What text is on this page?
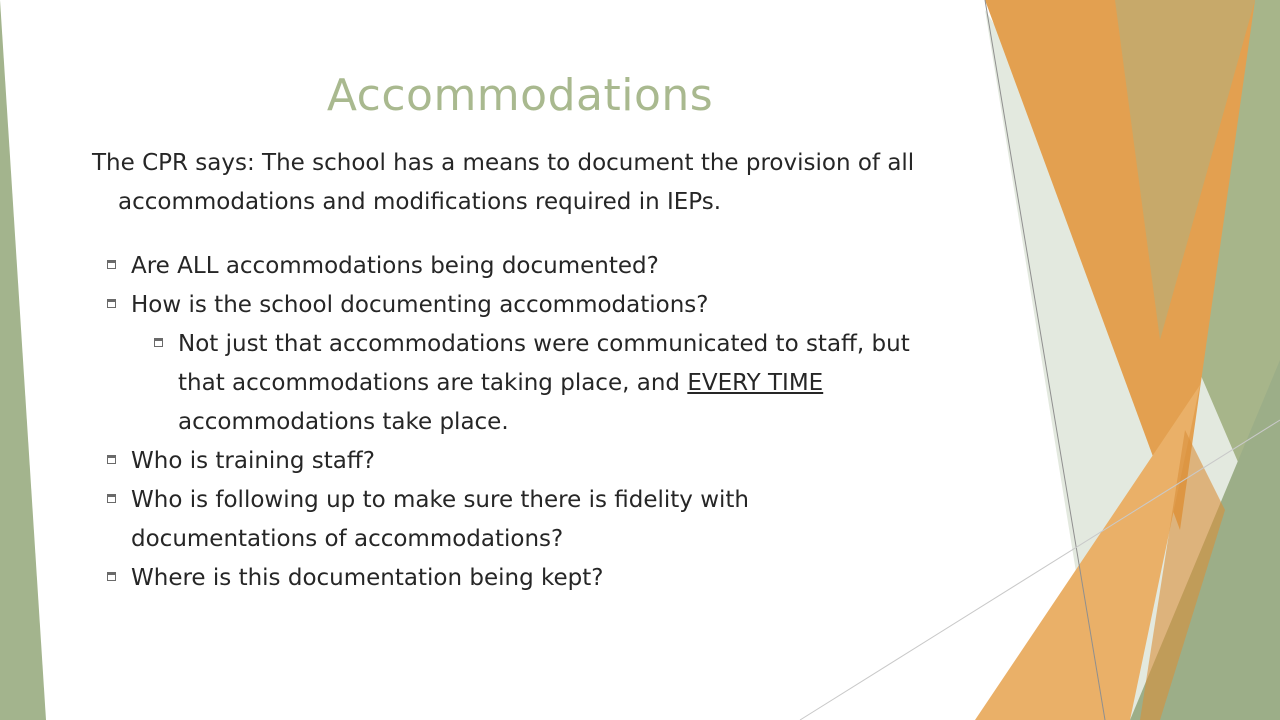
Accommodations

The CPR says: The school has a means to document the provision of all accommodations and modifications required in IEPs.

Are ALL accommodations being documented?
How is the school documenting accommodations?
Not just that accommodations were communicated to staff, but that accommodations are taking place, and EVERY TIME accommodations take place.
Who is training staff?
Who is following up to make sure there is fidelity with documentations of accommodations?
Where is this documentation being kept?
